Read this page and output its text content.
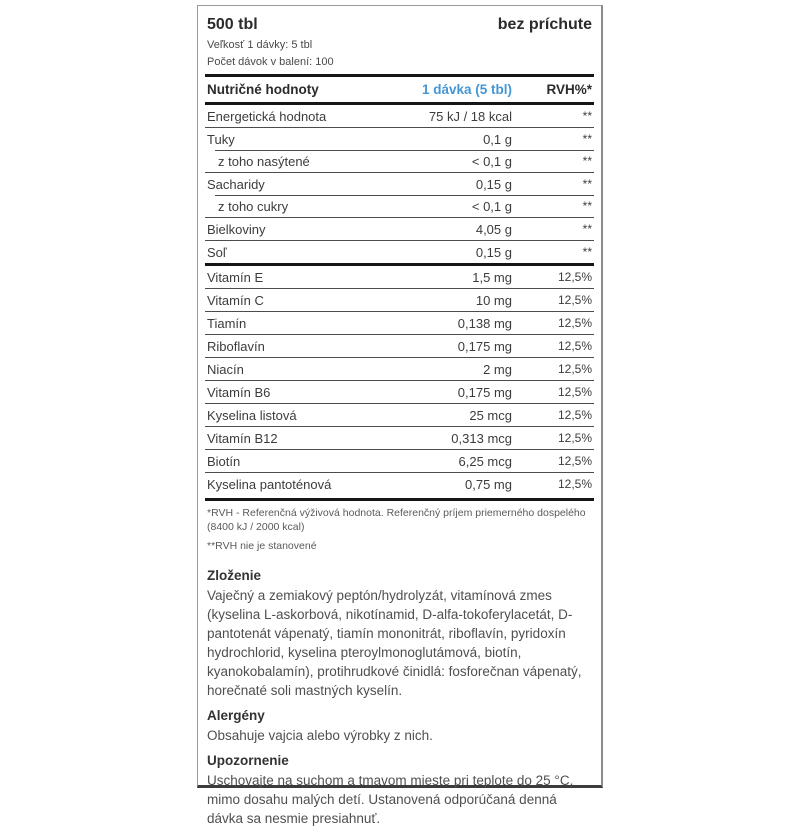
500 tbl	bez príchute
Veľkosť 1 dávky: 5 tbl
Počet dávok v balení: 100
Nutričné hodnoty	1 dávka (5 tbl)	RVH%*
Energetická hodnota	75 kJ / 18 kcal	**
Tuky	0,1 g	**
z toho nasýtené	< 0,1 g	**
Sacharidy	0,15 g	**
z toho cukry	< 0,1 g	**
Bielkoviny	4,05 g	**
Soľ	0,15 g	**
Vitamín E	1,5 mg	12,5%
Vitamín C	10 mg	12,5%
Tiamín	0,138 mg	12,5%
Riboflavín	0,175 mg	12,5%
Niacín	2 mg	12,5%
Vitamín B6	0,175 mg	12,5%
Kyselina listová	25 mcg	12,5%
Vitamín B12	0,313 mcg	12,5%
Biotín	6,25 mcg	12,5%
Kyselina pantoténová	0,75 mg	12,5%
*RVH - Referenčná výživová hodnota. Referenčný príjem priemerného dospelého (8400 kJ / 2000 kcal)
**RVH nie je stanovené
Zloženie
Vaječný a zemiakový peptón/hydrolyzát, vitamínová zmes (kyselina L-askorbová, nikotínamid, D-alfa-tokoferylacetát, D-pantotenát vápenatý, tiamín mononitrát, riboflavín, pyridoxín hydrochlorid, kyselina pteroylmonoglutámová, biotín, kyanokobalamín), protihrudkové činidlá: fosforečnan vápenatý, horečnaté soli mastných kyselín.
Alergény
Obsahuje vajcia alebo výrobky z nich.
Upozornenie
Uschovajte na suchom a tmavom mieste pri teplote do 25 °C, mimo dosahu malých detí. Ustanovená odporúčaná denná dávka sa nesmie presiahnuť.
